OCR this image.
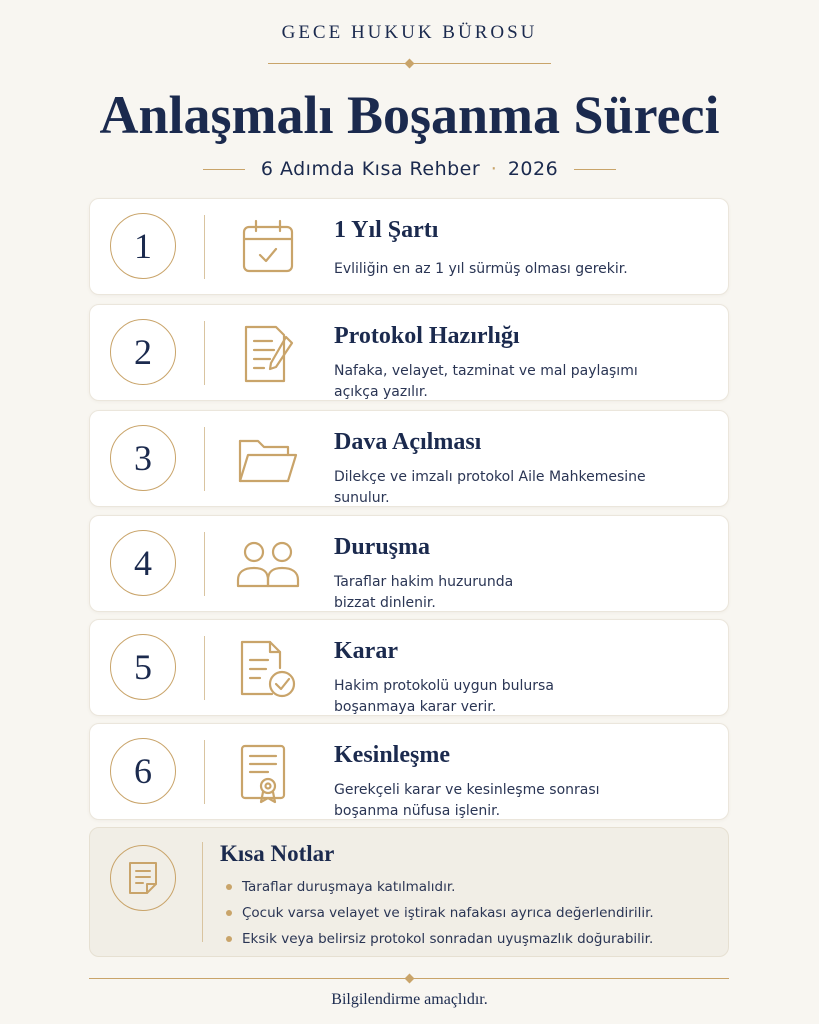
GECE HUKUK BÜROSU
Anlaşmalı Boşanma Süreci
6 Adımda Kısa Rehber · 2026
1	1 Yıl Şartı
Evliliğin en az 1 yıl sürmüş olması gerekir.
2	Protokol Hazırlığı
Nafaka, velayet, tazminat ve mal paylaşımı açıkça yazılır.
3	Dava Açılması
Dilekçe ve imzalı protokol Aile Mahkemesine sunulur.
4	Duruşma
Taraflar hakim huzurunda bizzat dinlenir.
5	Karar
Hakim protokolü uygun bulursa boşanmaya karar verir.
6	Kesinleşme
Gerekçeli karar ve kesinleşme sonrası boşanma nüfusa işlenir.
Kısa Notlar
Taraflar duruşmaya katılmalıdır.
Çocuk varsa velayet ve iştirak nafakası ayrıca değerlendirilir.
Eksik veya belirsiz protokol sonradan uyuşmazlık doğurabilir.
Bilgilendirme amaçlıdır.
